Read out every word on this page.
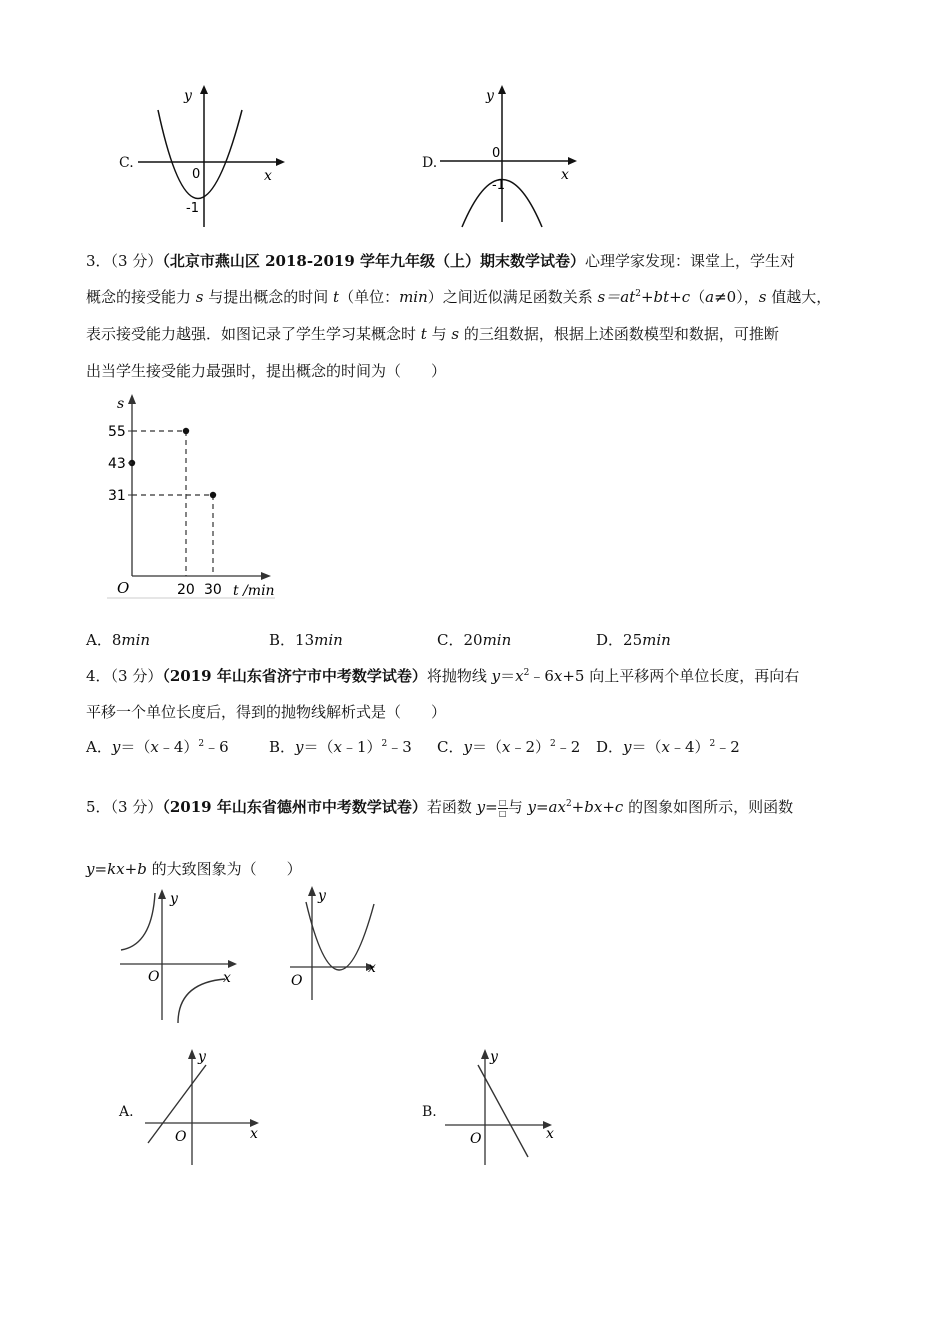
C.
y
x
0
-1
D.
y
x
0
-1
3．（3 分）（北京市燕山区 2018-2019 学年九年级（上）期末数学试卷）心理学家发现：课堂上，学生对
概念的接受能力 s 与提出概念的时间 t（单位：min）之间近似满足函数关系 $s=at^2+bt+c(a\ne 0)$，s 值越大，
表示接受能力越强．如图记录了学生学习某概念时 t 与 s 的三组数据，根据上述函数模型和数据，可推断
出当学生接受能力最强时，提出概念的时间为（　　）
s
t /min
O
55
43
31
20 30
A．8min	B．13min	C．20min	D．25min
4．（3 分）（2019 年山东省济宁市中考数学试卷）将抛物线 $y=x^2﹣6x+5$ 向上平移两个单位长度，再向右
平移一个单位长度后，得到的抛物线解析式是（　　）
A．y＝（x﹣4）$^2$﹣6	B．y＝（x﹣1）$^2$﹣3 C．y＝（x﹣2）$^2$﹣2 D．y＝（x﹣4）$^2$﹣2
5．（3 分）（2019 年山东省德州市中考数学试卷）若函数 $y= \frac{□}{□}$ 与 $y=ax^2+bx+c$ 的图象如图所示，则函数
y=kx+b 的大致图象为（　　）
y
x
O
y
x
O
A.
y
x
O
B.
y
x
O
